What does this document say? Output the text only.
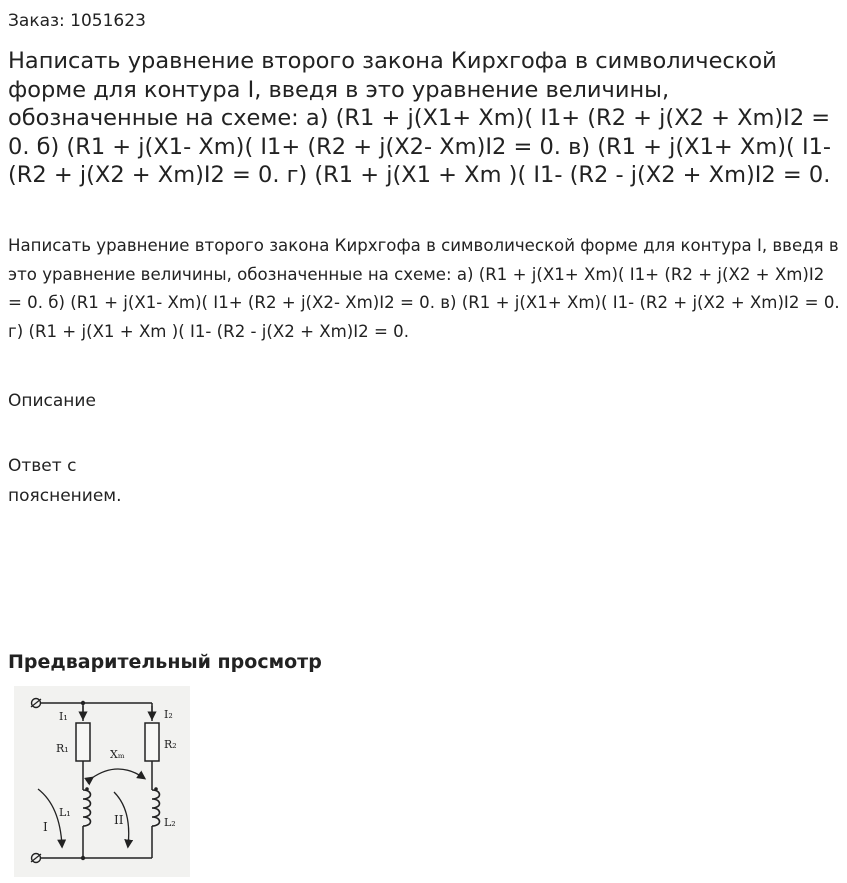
Заказ: 1051623

Написать уравнение второго закона Кирхгофа в символической форме для контура I, введя в это уравнение величины, обозначенные на схеме: а) (R1 + j(X1+ Xm)( I1+ (R2 + j(X2 + Xm)I2 = 0. б) (R1 + j(X1- Xm)( I1+ (R2 + j(X2- Xm)I2 = 0. в) (R1 + j(X1+ Xm)( I1- (R2 + j(X2 + Xm)I2 = 0. г) (R1 + j(X1 + Xm )( I1- (R2 - j(X2 + Xm)I2 = 0.

Написать уравнение второго закона Кирхгофа в символической форме для контура I, введя в это уравнение величины, обозначенные на схеме: а) (R1 + j(X1+ Xm)( I1+ (R2 + j(X2 + Xm)I2 = 0. б) (R1 + j(X1- Xm)( I1+ (R2 + j(X2- Xm)I2 = 0. в) (R1 + j(X1+ Xm)( I1- (R2 + j(X2 + Xm)I2 = 0. г) (R1 + j(X1 + Xm )( I1- (R2 - j(X2 + Xm)I2 = 0.

Описание

Ответ с пояснением.

Предварительный просмотр
I₁	I₂
R₁	R₂
Xₘ
L₁
L₂
I	II
